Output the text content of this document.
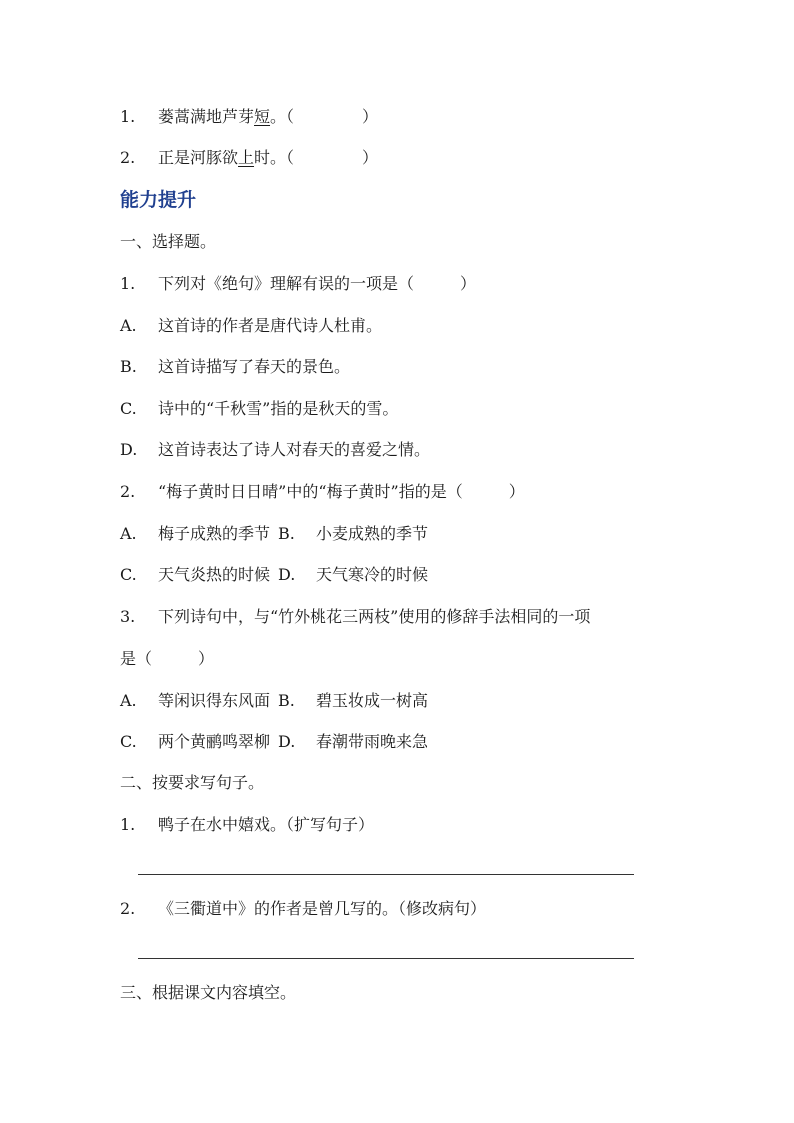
1. 蒌蒿满地芦芽短。（	）
2. 正是河豚欲上时。（	）
能力提升
一、选择题。
1. 下列对《绝句》理解有误的一项是（	）
A. 这首诗的作者是唐代诗人杜甫。
B. 这首诗描写了春天的景色。
C. 诗中的“千秋雪”指的是秋天的雪。
D. 这首诗表达了诗人对春天的喜爱之情。
2. “梅子黄时日日晴”中的“梅子黄时”指的是（	）
A. 梅子成熟的季节 B. 小麦成熟的季节
C. 天气炎热的时候 D. 天气寒冷的时候
3. 下列诗句中，与“竹外桃花三两枝”使用的修辞手法相同的一项
是（	）
A. 等闲识得东风面 B. 碧玉妆成一树高
C. 两个黄鹂鸣翠柳 D. 春潮带雨晚来急
二、按要求写句子。
1. 鸭子在水中嬉戏。（扩写句子）
2. 《三衢道中》的作者是曾几写的。（修改病句）
三、根据课文内容填空。
